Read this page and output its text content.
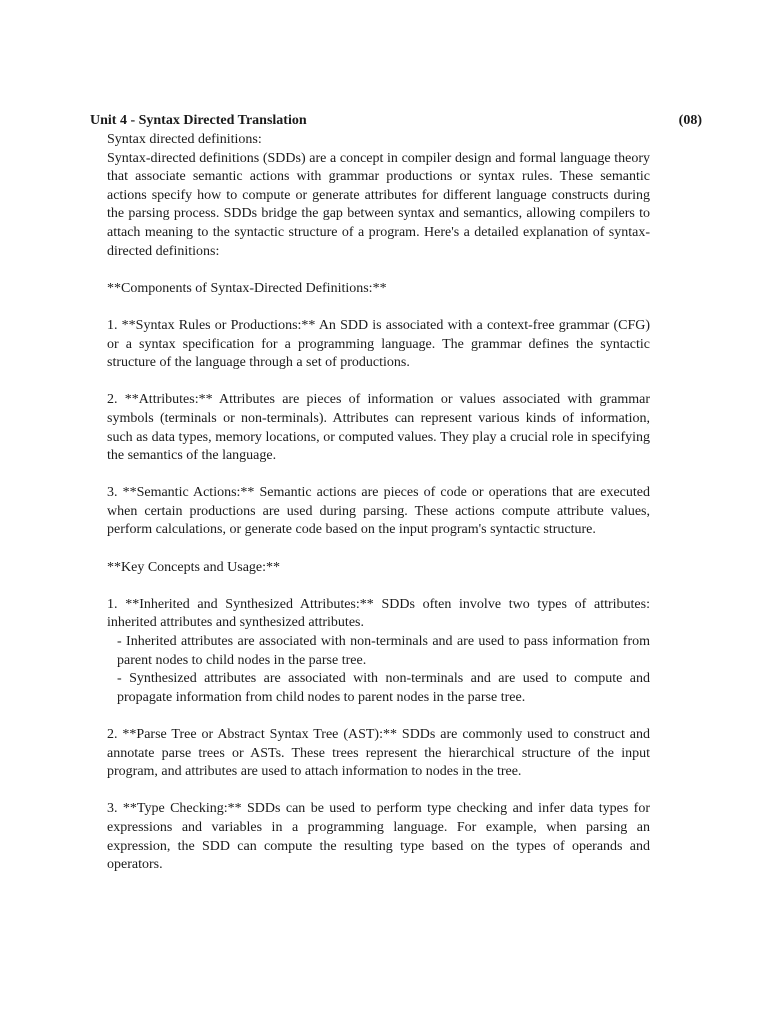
Unit 4 - Syntax Directed Translation	(08)

Syntax directed definitions:

Syntax-directed definitions (SDDs) are a concept in compiler design and formal language theory that associate semantic actions with grammar productions or syntax rules. These semantic actions specify how to compute or generate attributes for different language constructs during the parsing process. SDDs bridge the gap between syntax and semantics, allowing compilers to attach meaning to the syntactic structure of a program. Here's a detailed explanation of syntax-directed definitions:

**Components of Syntax-Directed Definitions:**

1. **Syntax Rules or Productions:** An SDD is associated with a context-free grammar (CFG) or a syntax specification for a programming language. The grammar defines the syntactic structure of the language through a set of productions.

2. **Attributes:** Attributes are pieces of information or values associated with grammar symbols (terminals or non-terminals). Attributes can represent various kinds of information, such as data types, memory locations, or computed values. They play a crucial role in specifying the semantics of the language.

3. **Semantic Actions:** Semantic actions are pieces of code or operations that are executed when certain productions are used during parsing. These actions compute attribute values, perform calculations, or generate code based on the input program's syntactic structure.

**Key Concepts and Usage:**

1. **Inherited and Synthesized Attributes:** SDDs often involve two types of attributes: inherited attributes and synthesized attributes.

- Inherited attributes are associated with non-terminals and are used to pass information from parent nodes to child nodes in the parse tree.

- Synthesized attributes are associated with non-terminals and are used to compute and propagate information from child nodes to parent nodes in the parse tree.

2. **Parse Tree or Abstract Syntax Tree (AST):** SDDs are commonly used to construct and annotate parse trees or ASTs. These trees represent the hierarchical structure of the input program, and attributes are used to attach information to nodes in the tree.

3. **Type Checking:** SDDs can be used to perform type checking and infer data types for expressions and variables in a programming language. For example, when parsing an expression, the SDD can compute the resulting type based on the types of operands and operators.
